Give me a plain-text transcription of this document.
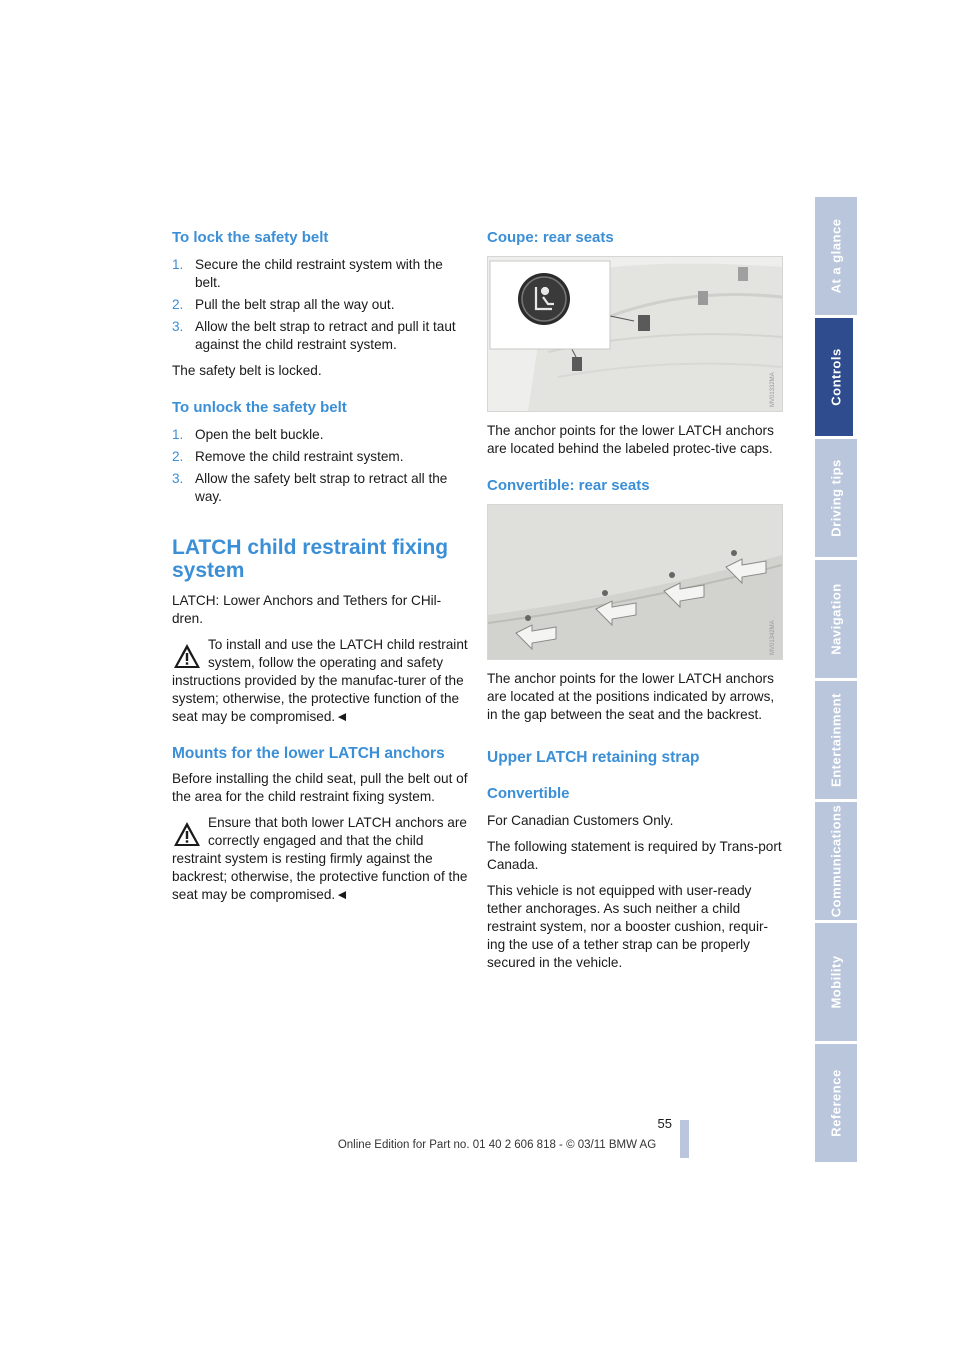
To lock the safety belt
1. Secure the child restraint system with the belt.
2. Pull the belt strap all the way out.
3. Allow the belt strap to retract and pull it taut against the child restraint system.

The safety belt is locked.

To unlock the safety belt
1. Open the belt buckle.
2. Remove the child restraint system.
3. Allow the safety belt strap to retract all the way.
LATCH child restraint fixing system

LATCH: Lower Anchors and Tethers for CHil-dren.

To install and use the LATCH child restraint system, follow the operating and safety instructions provided by the manufac-turer of the system; otherwise, the protective function of the seat may be compromised.◄
Mounts for the lower LATCH anchors

Before installing the child seat, pull the belt out of the area for the child restraint fixing system.

Ensure that both lower LATCH anchors are correctly engaged and that the child restraint system is resting firmly against the backrest; otherwise, the protective function of the seat may be compromised.◄
Coupe: rear seats
MV01332MA

The anchor points for the lower LATCH anchors are located behind the labeled protec-tive caps.

Convertible: rear seats
MV01342MA

The anchor points for the lower LATCH anchors are located at the positions indicated by arrows, in the gap between the seat and the backrest.

Upper LATCH retaining strap
Convertible

For Canadian Customers Only.

The following statement is required by Trans-port Canada.

This vehicle is not equipped with user-ready tether anchorages. As such neither a child restraint system, nor a booster cushion, requir-ing the use of a tether strap can be properly secured in the vehicle.

At a glance
Controls
Driving tips
Navigation
Entertainment
Communications
Mobility
Reference
55
Online Edition for Part no. 01 40 2 606 818 - © 03/11 BMW AG
